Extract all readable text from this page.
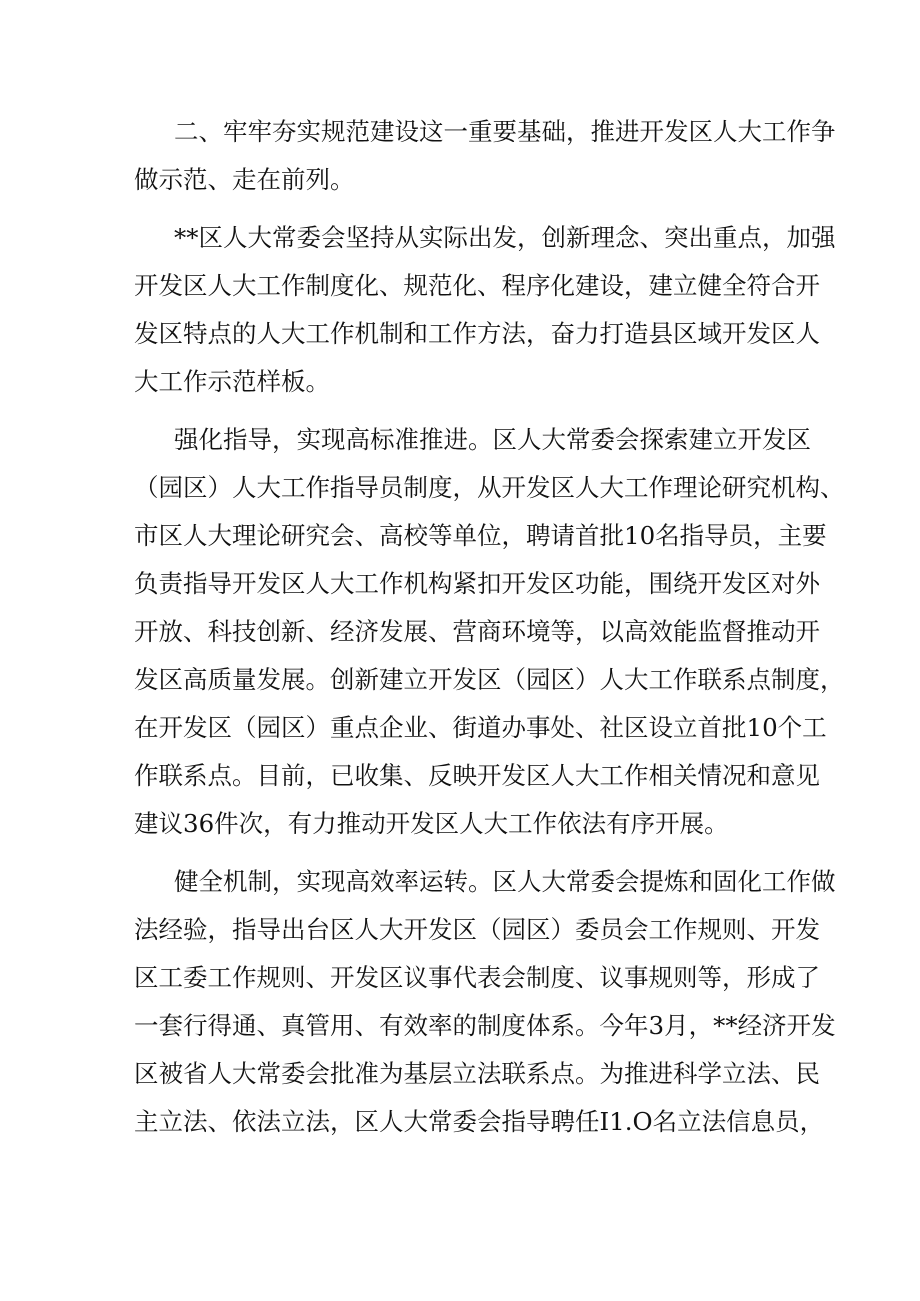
二、牢牢夯实规范建设这一重要基础，推进开发区人大工作争
做示范、走在前列。
**区人大常委会坚持从实际出发，创新理念、突出重点，加强
开发区人大工作制度化、规范化、程序化建设，建立健全符合开
发区特点的人大工作机制和工作方法，奋力打造县区域开发区人
大工作示范样板。
强化指导，实现高标准推进。区人大常委会探索建立开发区
（园区）人大工作指导员制度，从开发区人大工作理论研究机构、
市区人大理论研究会、高校等单位，聘请首批10名指导员，主要
负责指导开发区人大工作机构紧扣开发区功能，围绕开发区对外
开放、科技创新、经济发展、营商环境等，以高效能监督推动开
发区高质量发展。创新建立开发区（园区）人大工作联系点制度，
在开发区（园区）重点企业、街道办事处、社区设立首批10个工
作联系点。目前，已收集、反映开发区人大工作相关情况和意见
建议36件次，有力推动开发区人大工作依法有序开展。
健全机制，实现高效率运转。区人大常委会提炼和固化工作做
法经验，指导出台区人大开发区（园区）委员会工作规则、开发
区工委工作规则、开发区议事代表会制度、议事规则等，形成了
一套行得通、真管用、有效率的制度体系。今年3月，**经济开发
区被省人大常委会批准为基层立法联系点。为推进科学立法、民
主立法、依法立法，区人大常委会指导聘任I1.O名立法信息员，
